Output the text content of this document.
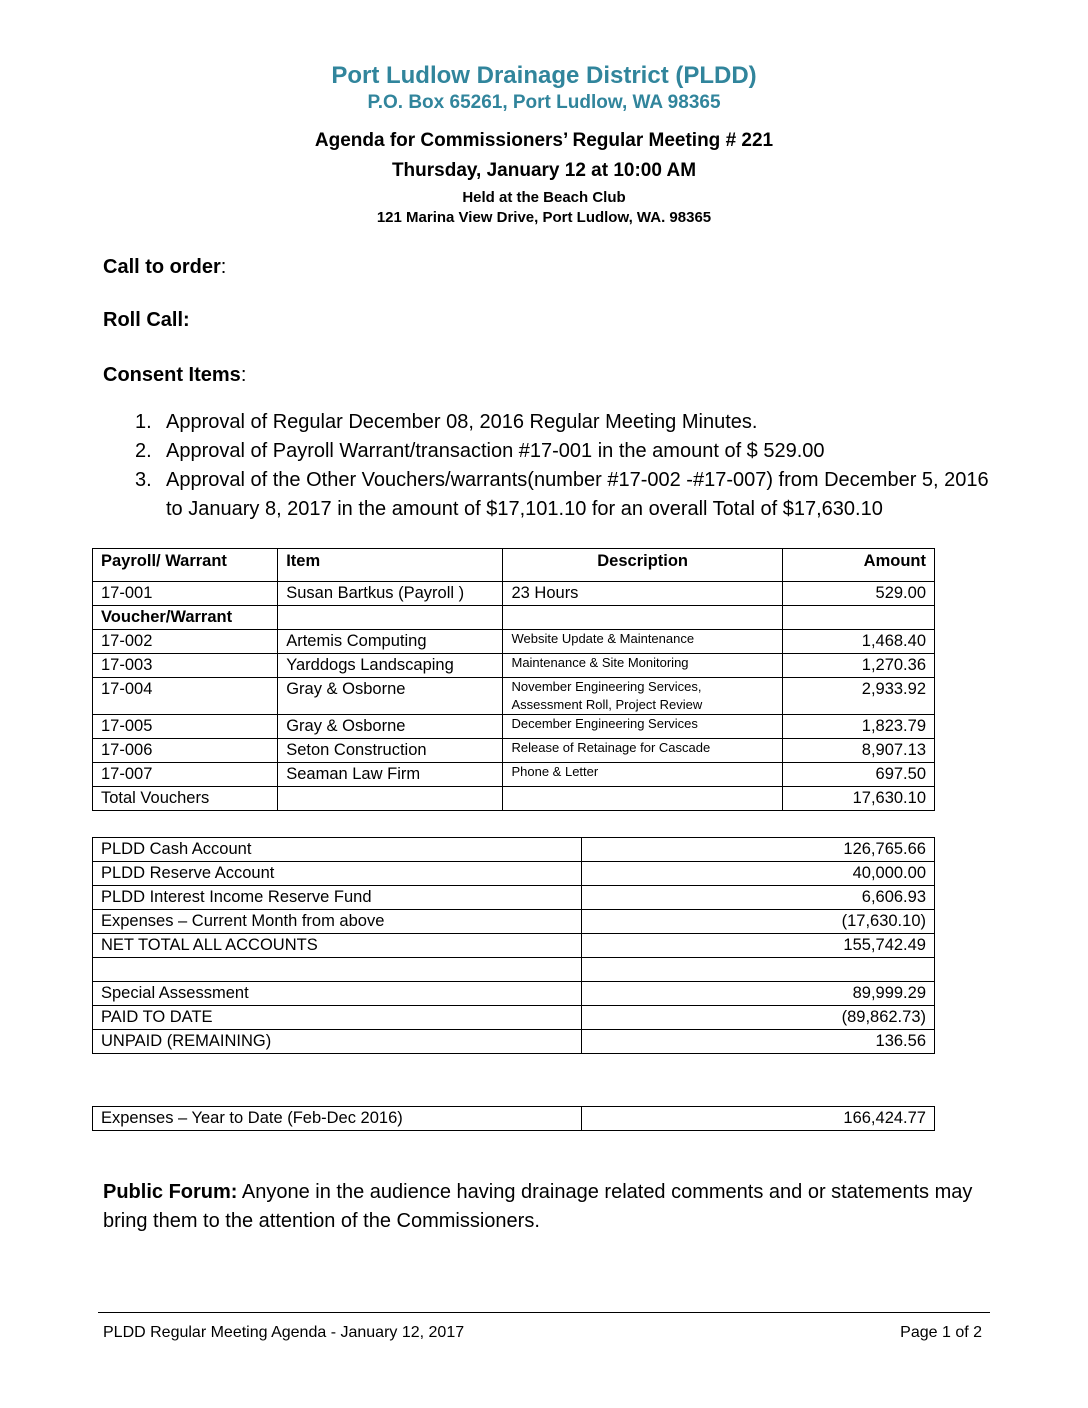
Port Ludlow Drainage District (PLDD)
P.O. Box 65261, Port Ludlow, WA 98365
Agenda for Commissioners’ Regular Meeting # 221
Thursday, January 12 at 10:00 AM
Held at the Beach Club
121 Marina View Drive, Port Ludlow, WA. 98365
Call to order:
Roll Call:
Consent Items:
1. Approval of Regular December 08, 2016 Regular Meeting Minutes.
2. Approval of Payroll Warrant/transaction #17-001 in the amount of $ 529.00
3. Approval of the Other Vouchers/warrants(number #17-002 -#17-007) from December 5, 2016 to January 8, 2017 in the amount of $17,101.10 for an overall Total of $17,630.10
Payroll/ Warrant	Item	Description	Amount
17-001	Susan Bartkus (Payroll )	23 Hours	529.00
Voucher/Warrant			
17-002	Artemis Computing	Website Update & Maintenance	1,468.40
17-003	Yarddogs Landscaping	Maintenance & Site Monitoring	1,270.36
17-004	Gray & Osborne	November Engineering Services, Assessment Roll, Project Review	2,933.92
17-005	Gray & Osborne	December Engineering Services	1,823.79
17-006	Seton Construction	Release of Retainage for Cascade	8,907.13
17-007	Seaman Law Firm	Phone & Letter	697.50
Total Vouchers			17,630.10
PLDD Cash Account	126,765.66
PLDD Reserve Account	40,000.00
PLDD Interest Income Reserve Fund	6,606.93
Expenses – Current Month from above	(17,630.10)
NET TOTAL ALL ACCOUNTS	155,742.49

Special Assessment	89,999.29
PAID TO DATE	(89,862.73)
UNPAID (REMAINING)	136.56
Expenses – Year to Date (Feb-Dec 2016)	166,424.77
Public Forum: Anyone in the audience having drainage related comments and or statements may bring them to the attention of the Commissioners.
PLDD Regular Meeting Agenda - January 12, 2017	Page 1 of 2
